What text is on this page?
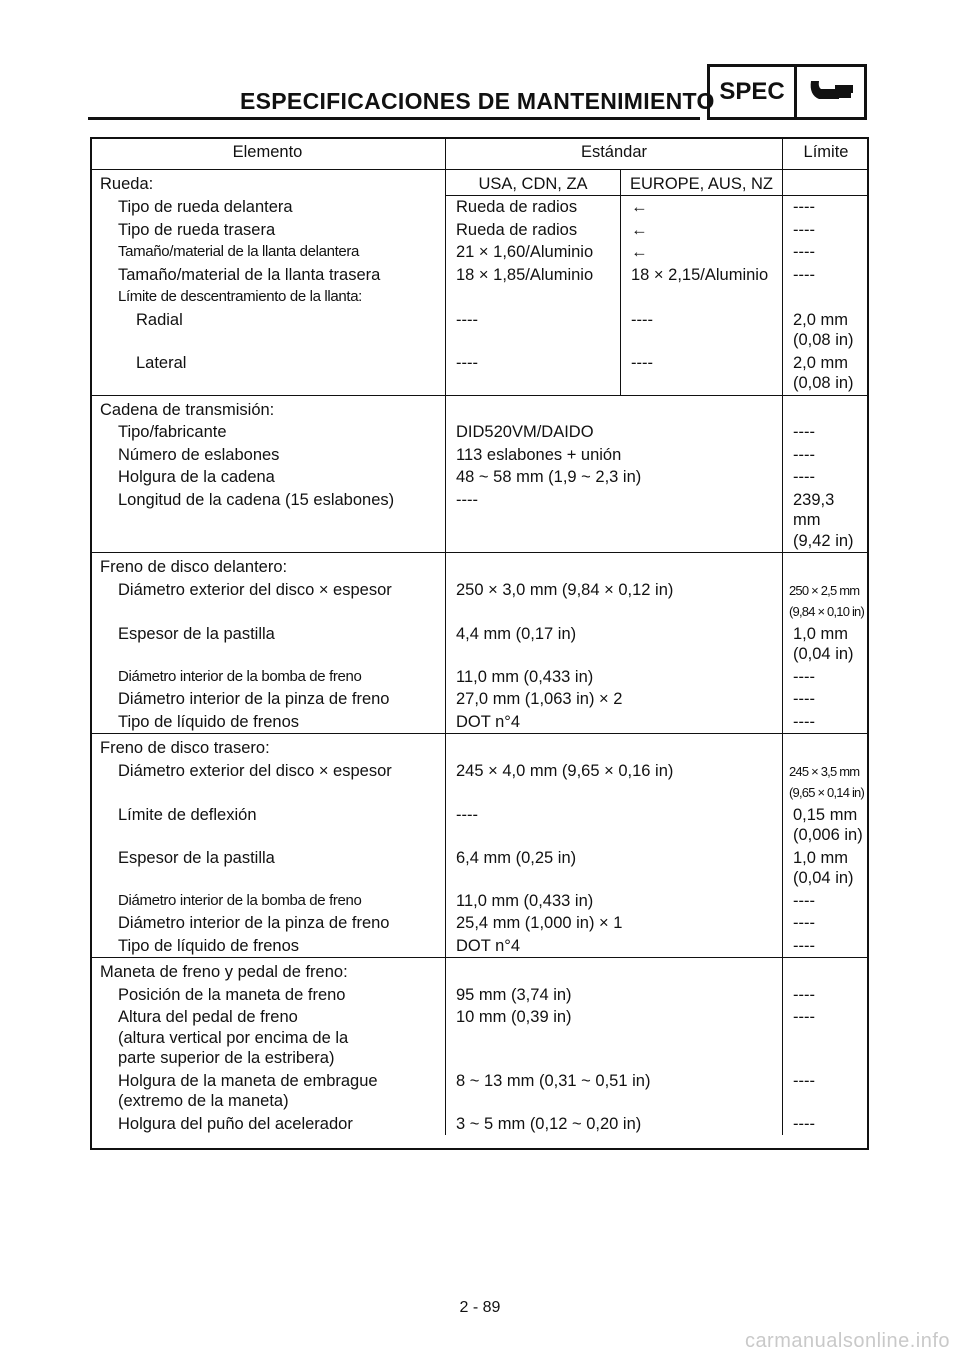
ESPECIFICACIONES DE MANTENIMIENTO SPEC
Elemento	Estándar		Límite
Rueda:	USA, CDN, ZA	EUROPE, AUS, NZ	
Tipo de rueda delantera	Rueda de radios	←	----
Tipo de rueda trasera	Rueda de radios	←	----
Tamaño/material de la llanta delantera	21 × 1,60/Aluminio	←	----
Tamaño/material de la llanta trasera	18 × 1,85/Aluminio	18 × 2,15/Aluminio	----
Límite de descentramiento de la llanta:			
Radial	----	----	2,0 mm
(0,08 in)

Lateral	----	----	2,0 mm
(0,08 in)

Cadena de transmisión:			
Tipo/fabricante	DID520VM/DAIDO		----
Número de eslabones	113 eslabones + unión		----
Holgura de la cadena	48 ~ 58 mm (1,9 ~ 2,3 in)		----
Longitud de la cadena (15 eslabones)	----		239,3 mm
(9,42 in)

Freno de disco delantero:			
Diámetro exterior del disco × espesor	250 × 3,0 mm (9,84 × 0,12 in)		250 × 2,5 mm
(9,84 × 0,10 in)

Espesor de la pastilla	4,4 mm (0,17 in)		1,0 mm
(0,04 in)

Diámetro interior de la bomba de freno	11,0 mm (0,433 in)		----
Diámetro interior de la pinza de freno	27,0 mm (1,063 in) × 2		----
Tipo de líquido de frenos	DOT n°4		----
Freno de disco trasero:			
Diámetro exterior del disco × espesor	245 × 4,0 mm (9,65 × 0,16 in)		245 × 3,5 mm
(9,65 × 0,14 in)

Límite de deflexión	----		0,15 mm
(0,006 in)

Espesor de la pastilla	6,4 mm (0,25 in)		1,0 mm
(0,04 in)

Diámetro interior de la bomba de freno	11,0 mm (0,433 in)		----
Diámetro interior de la pinza de freno	25,4 mm (1,000 in) × 1		----
Tipo de líquido de frenos	DOT n°4		----
Maneta de freno y pedal de freno:			
Posición de la maneta de freno	95 mm (3,74 in)		----

Altura del pedal de freno
(altura vertical por encima de la
parte superior de la estribera)	10 mm (0,39 in)		----

Holgura de la maneta de embrague
(extremo de la maneta)	8 ~ 13 mm (0,31 ~ 0,51 in)		----
Holgura del puño del acelerador	3 ~ 5 mm (0,12 ~ 0,20 in)		----
2 - 89
carmanualsonline.info
